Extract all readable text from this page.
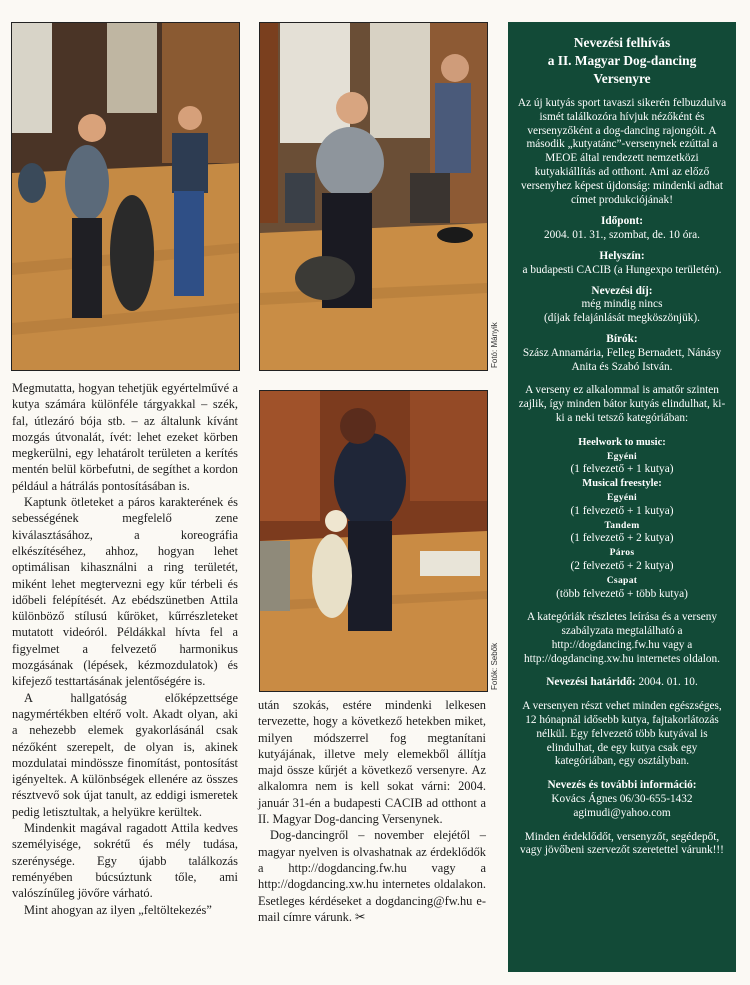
Fotó: Mányik
Fotók: Sebők

Megmutatta, hogyan tehetjük egyértelművé a kutya számára különféle tárgyakkal – szék, fal, útlezáró bója stb. – az általunk kívánt mozgás útvonalát, ívét: lehet ezeket körben megkerülni, egy lehatárolt területen a kerítés mentén belül körbefutni, de segíthet a kordon például a hátrálás pontosításában is.

Kaptunk ötleteket a páros karakterének és sebességének megfelelő zene kiválasztásához, a koreográfia elkészítéséhez, ahhoz, hogyan lehet optimálisan kihasználni a ring területét, miként lehet megtervezni egy kűr térbeli és időbeli felépítését. Az ebédszünetben Attila különböző stílusú kűröket, kűrrészleteket mutatott videóról. Példákkal hívta fel a figyelmet a felvezető harmonikus mozgásának (lépések, kézmozdulatok) és kifejező testtartásának jelentőségére is.

A hallgatóság előképzettsége nagymértékben eltérő volt. Akadt olyan, aki a nehezebb elemek gyakorlásánál csak nézőként szerepelt, de olyan is, akinek mozdulatai mindössze finomítást, pontosítást igényeltek. A különbségek ellenére az összes résztvevő sok újat tanult, az eddigi ismeretek pedig letisztultak, a helyükre kerültek.

Mindenkit magával ragadott Attila kedves személyisége, sokrétű és mély tudása, szerénysége. Egy újabb találkozás reményében búcsúztunk tőle, ami valószínűleg jövőre várható.

Mint ahogyan az ilyen „feltöltekezés”

után szokás, estére mindenki lelkesen tervezette, hogy a következő hetekben miket, milyen módszerrel fog megtanítani kutyájának, illetve mely elemekből állítja majd össze kűrjét a következő versenyre. Az alkalomra nem is kell sokat várni: 2004. január 31-én a budapesti CACIB ad otthont a II. Magyar Dog-dancing Versenynek.

Dog-dancingről – november elejétől – magyar nyelven is olvashatnak az érdeklődők a http://dogdancing.fw.hu vagy a http://dogdancing.xw.hu internetes oldalakon. Esetleges kérdéseket a dogdancing@fw.hu e-mail címre várunk. ✂

Nevezési felhívás
a II. Magyar Dog-dancing
Versenyre
Az új kutyás sport tavaszi sikerén felbuzdulva ismét találkozóra hívjuk nézőként és versenyzőként a dog-dancing rajongóit. A második „kutyatánc”-versenynek ezúttal a MEOE által rendezett nemzetközi kutyakiállítás ad otthont. Ami az előző versenyhez képest újdonság: mindenki adhat címet produkciójának!
Időpont:
2004. 01. 31., szombat, de. 10 óra.
Helyszín:
a budapesti CACIB (a Hungexpo területén).
Nevezési díj:
még mindig nincs
(díjak felajánlását megköszönjük).
Bírók:
Szász Annamária, Felleg Bernadett, Nánásy Anita és Szabó István.
A verseny ez alkalommal is amatőr szinten zajlik, így minden bátor kutyás elindulhat, ki-ki a neki tetsző kategóriában:
Heelwork to music:
Egyéni
(1 felvezető + 1 kutya)
Musical freestyle:
Egyéni
(1 felvezető + 1 kutya)
Tandem
(1 felvezető + 2 kutya)
Páros
(2 felvezető + 2 kutya)
Csapat
(több felvezető + több kutya)
A kategóriák részletes leírása és a verseny szabályzata megtalálható a http://dogdancing.fw.hu vagy a http://dogdancing.xw.hu internetes oldalon.
Nevezési határidő: 2004. 01. 10.
A versenyen részt vehet minden egészséges, 12 hónapnál idősebb kutya, fajtakorlátozás nélkül. Egy felvezető több kutyával is elindulhat, de egy kutya csak egy kategóriában, egy osztályban.
Nevezés és további információ:
Kovács Ágnes 06/30-655-1432
agimudi@yahoo.com
Minden érdeklődőt, versenyzőt, segédерőt, vagy jövőbeni szervezőt szeretettel várunk!!!
